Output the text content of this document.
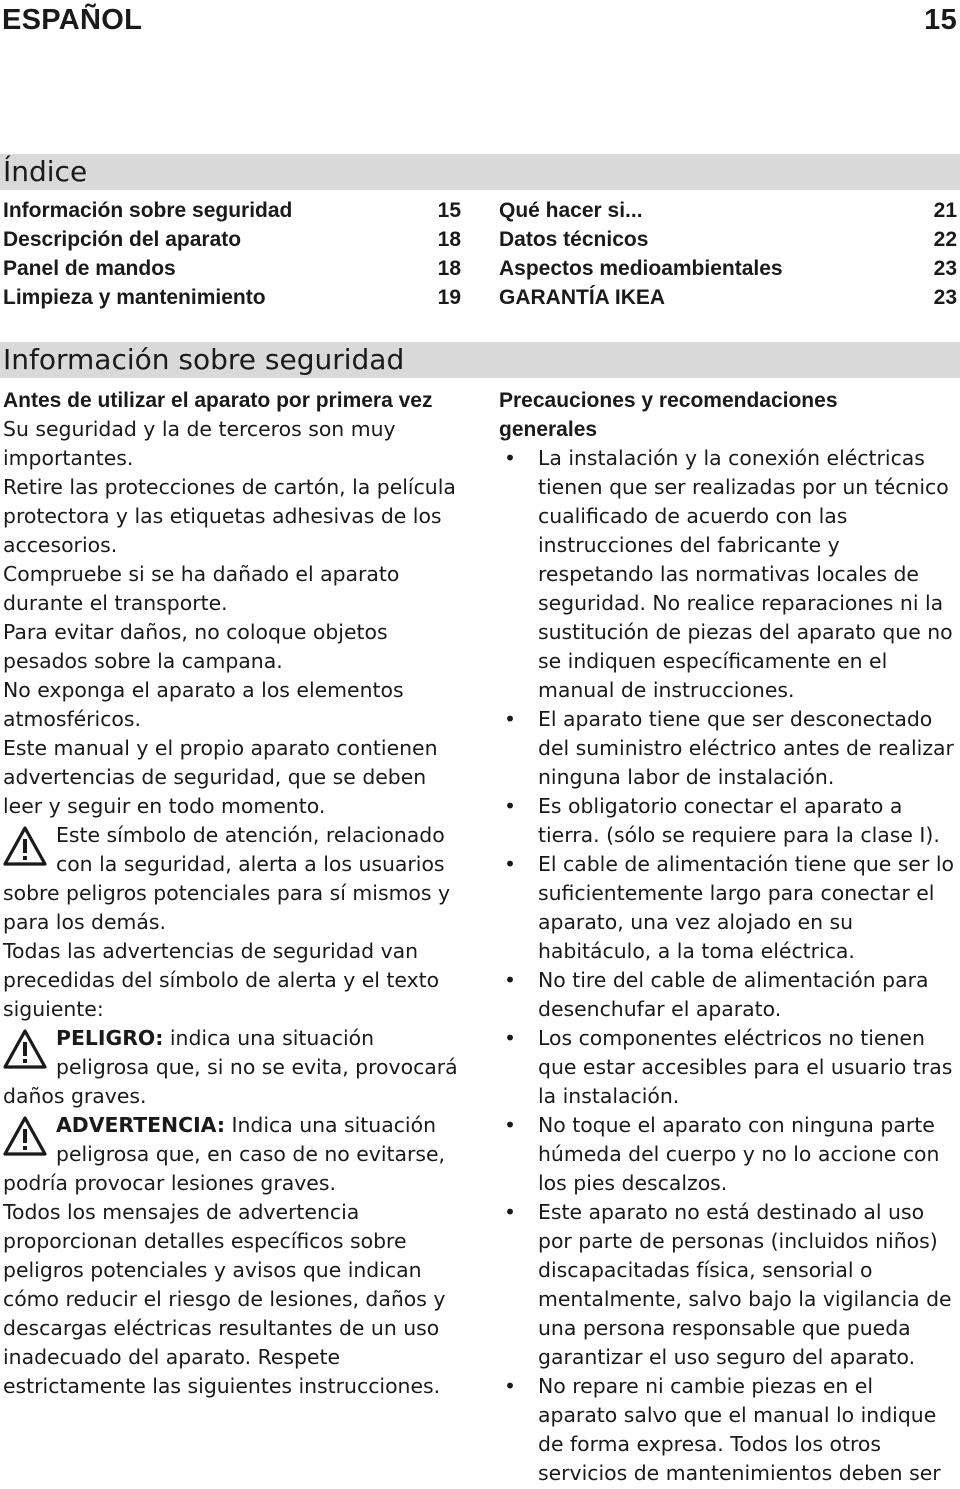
ESPAÑOL	15
Índice
Información sobre seguridad	15
Descripción del aparato	18
Panel de mandos	18
Limpieza y mantenimiento	19
Qué hacer si...	21
Datos técnicos	22
Aspectos medioambientales	23
GARANTÍA IKEA	23
Información sobre seguridad

Antes de utilizar el aparato por primera vez

Su seguridad y la de terceros son muy importantes.

Retire las protecciones de cartón, la película protectora y las etiquetas adhesivas de los accesorios.

Compruebe si se ha dañado el aparato durante el transporte.

Para evitar daños, no coloque objetos pesados sobre la campana.

No exponga el aparato a los elementos atmosféricos.

Este manual y el propio aparato contienen advertencias de seguridad, que se deben leer y seguir en todo momento.

Este símbolo de atención, relacionado

con la seguridad, alerta a los usuarios

sobre peligros potenciales para sí mismos y para los demás.

Todas las advertencias de seguridad van precedidas del símbolo de alerta y el texto siguiente:

PELIGRO: indica una situación

peligrosa que, si no se evita, provocará

daños graves.

ADVERTENCIA: Indica una situación

peligrosa que, en caso de no evitarse,

podría provocar lesiones graves.

Todos los mensajes de advertencia proporcionan detalles específicos sobre peligros potenciales y avisos que indican cómo reducir el riesgo de lesiones, daños y descargas eléctricas resultantes de un uso inadecuado del aparato. Respete estrictamente las siguientes instrucciones.

Precauciones y recomendaciones generales

• La instalación y la conexión eléctricas tienen que ser realizadas por un técnico cualificado de acuerdo con las instrucciones del fabricante y respetando las normativas locales de seguridad. No realice reparaciones ni la sustitución de piezas del aparato que no se indiquen específicamente en el manual de instrucciones.
• El aparato tiene que ser desconectado del suministro eléctrico antes de realizar ninguna labor de instalación.
• Es obligatorio conectar el aparato a tierra. (sólo se requiere para la clase I).
• El cable de alimentación tiene que ser lo suficientemente largo para conectar el aparato, una vez alojado en su habitáculo, a la toma eléctrica.
• No tire del cable de alimentación para desenchufar el aparato.
• Los componentes eléctricos no tienen que estar accesibles para el usuario tras la instalación.
• No toque el aparato con ninguna parte húmeda del cuerpo y no lo accione con los pies descalzos.
• Este aparato no está destinado al uso por parte de personas (incluidos niños) discapacitadas física, sensorial o mentalmente, salvo bajo la vigilancia de una persona responsable que pueda garantizar el uso seguro del aparato.
• No repare ni cambie piezas en el aparato salvo que el manual lo indique de forma expresa. Todos los otros servicios de mantenimientos deben ser
